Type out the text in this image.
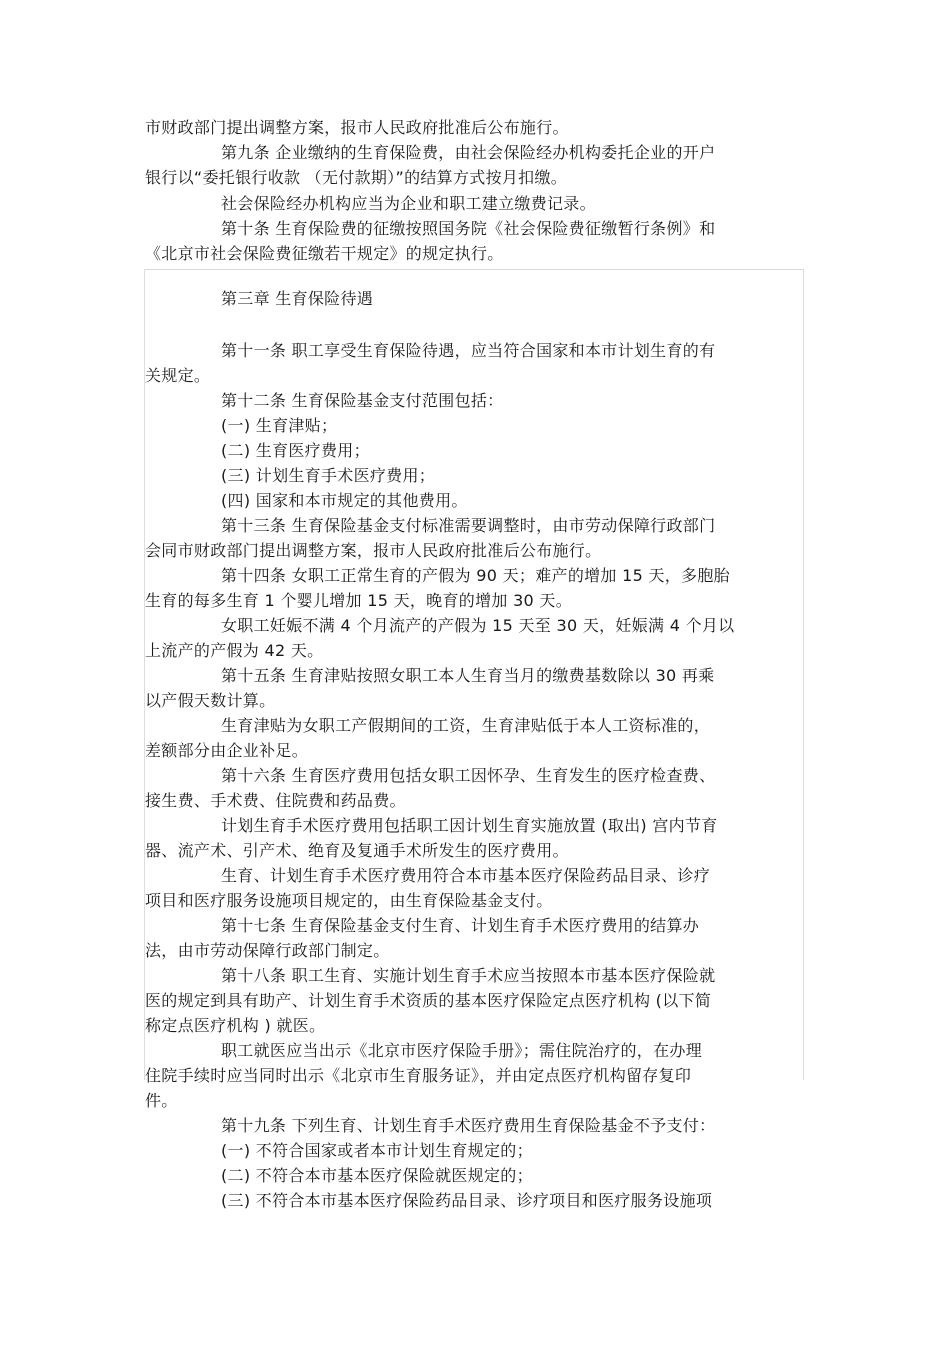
市财政部门提出调整方案，报市人民政府批准后公布施行。
第九条 企业缴纳的生育保险费，由社会保险经办机构委托企业的开户
银行以“委托银行收款 （无付款期）”的结算方式按月扣缴。
社会保险经办机构应当为企业和职工建立缴费记录。
第十条 生育保险费的征缴按照国务院《社会保险费征缴暂行条例》和
《北京市社会保险费征缴若干规定》的规定执行。
第三章 生育保险待遇
第十一条 职工享受生育保险待遇，应当符合国家和本市计划生育的有
关规定。
第十二条 生育保险基金支付范围包括：
(一) 生育津贴；
(二) 生育医疗费用；
(三) 计划生育手术医疗费用；
(四) 国家和本市规定的其他费用。
第十三条 生育保险基金支付标准需要调整时，由市劳动保障行政部门
会同市财政部门提出调整方案，报市人民政府批准后公布施行。
第十四条 女职工正常生育的产假为 90 天；难产的增加 15 天，多胞胎
生育的每多生育 1 个婴儿增加 15 天，晚育的增加 30 天。
女职工妊娠不满 4 个月流产的产假为 15 天至 30 天，妊娠满 4 个月以
上流产的产假为 42 天。
第十五条 生育津贴按照女职工本人生育当月的缴费基数除以 30 再乘
以产假天数计算。
生育津贴为女职工产假期间的工资，生育津贴低于本人工资标准的，
差额部分由企业补足。
第十六条 生育医疗费用包括女职工因怀孕、生育发生的医疗检查费、
接生费、手术费、住院费和药品费。
计划生育手术医疗费用包括职工因计划生育实施放置 (取出) 宫内节育
器、流产术、引产术、绝育及复通手术所发生的医疗费用。
生育、计划生育手术医疗费用符合本市基本医疗保险药品目录、诊疗
项目和医疗服务设施项目规定的，由生育保险基金支付。
第十七条 生育保险基金支付生育、计划生育手术医疗费用的结算办
法，由市劳动保障行政部门制定。
第十八条 职工生育、实施计划生育手术应当按照本市基本医疗保险就
医的规定到具有助产、计划生育手术资质的基本医疗保险定点医疗机构 (以下简
称定点医疗机构 ) 就医。
职工就医应当出示《北京市医疗保险手册》；需住院治疗的，在办理
住院手续时应当同时出示《北京市生育服务证》，并由定点医疗机构留存复印
件。
第十九条 下列生育、计划生育手术医疗费用生育保险基金不予支付：
(一) 不符合国家或者本市计划生育规定的；
(二) 不符合本市基本医疗保险就医规定的；
(三) 不符合本市基本医疗保险药品目录、诊疗项目和医疗服务设施项
